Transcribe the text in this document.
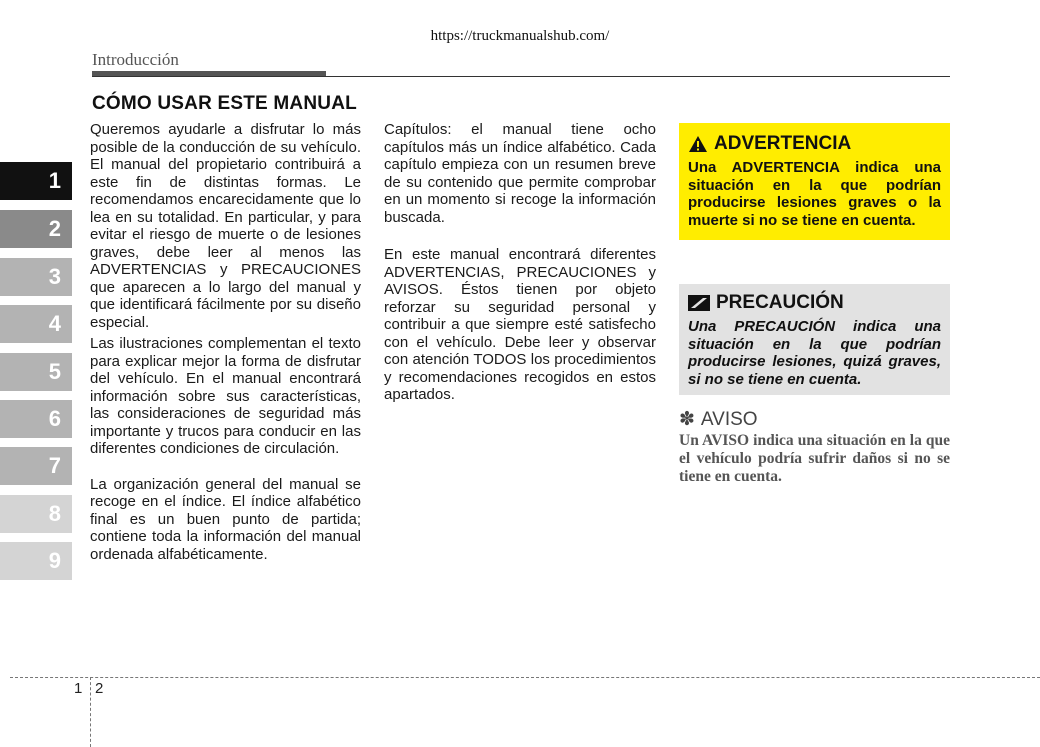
https://truckmanualshub.com/
Introducción
1
2
3
4
5
6
7
8
9
CÓMO USAR ESTE MANUAL

Queremos ayudarle a disfrutar lo más posible de la conducción de su vehículo. El manual del propietario contribuirá a este fin de distintas formas. Le recomendamos encarecidamente que lo lea en su totalidad. En particular, y para evitar el riesgo de muerte o de lesiones graves, debe leer al menos las ADVERTENCIAS y PRECAUCIONES que aparecen a lo largo del manual y que identificará fácilmente por su diseño especial.

Las ilustraciones complementan el texto para explicar mejor la forma de disfrutar del vehículo. En el manual encontrará información sobre sus características, las consideraciones de seguridad más importante y trucos para conducir en las diferentes condiciones de circulación.

La organización general del manual se recoge en el índice. El índice alfabético final es un buen punto de partida; contiene toda la información del manual ordenada alfabéticamente.

Capítulos: el manual tiene ocho capítulos más un índice alfabético. Cada capítulo empieza con un resumen breve de su contenido que permite comprobar en un momento si recoge la información buscada.

En este manual encontrará diferentes ADVERTENCIAS, PRECAUCIONES y AVISOS. Éstos tienen por objeto reforzar su seguridad personal y contribuir a que siempre esté satisfecho con el vehículo. Debe leer y observar con atención TODOS los procedimientos y recomendaciones recogidos en estos apartados.

ADVERTENCIA
Una ADVERTENCIA indica una situación en la que podrían producirse lesiones graves o la muerte si no se tiene en cuenta.
PRECAUCIÓN
Una PRECAUCIÓN indica una situación en la que podrían producirse lesiones, quizá graves, si no se tiene en cuenta.
✽ AVISO
Un AVISO indica una situación en la que el vehículo podría sufrir daños si no se tiene en cuenta.
1 2
